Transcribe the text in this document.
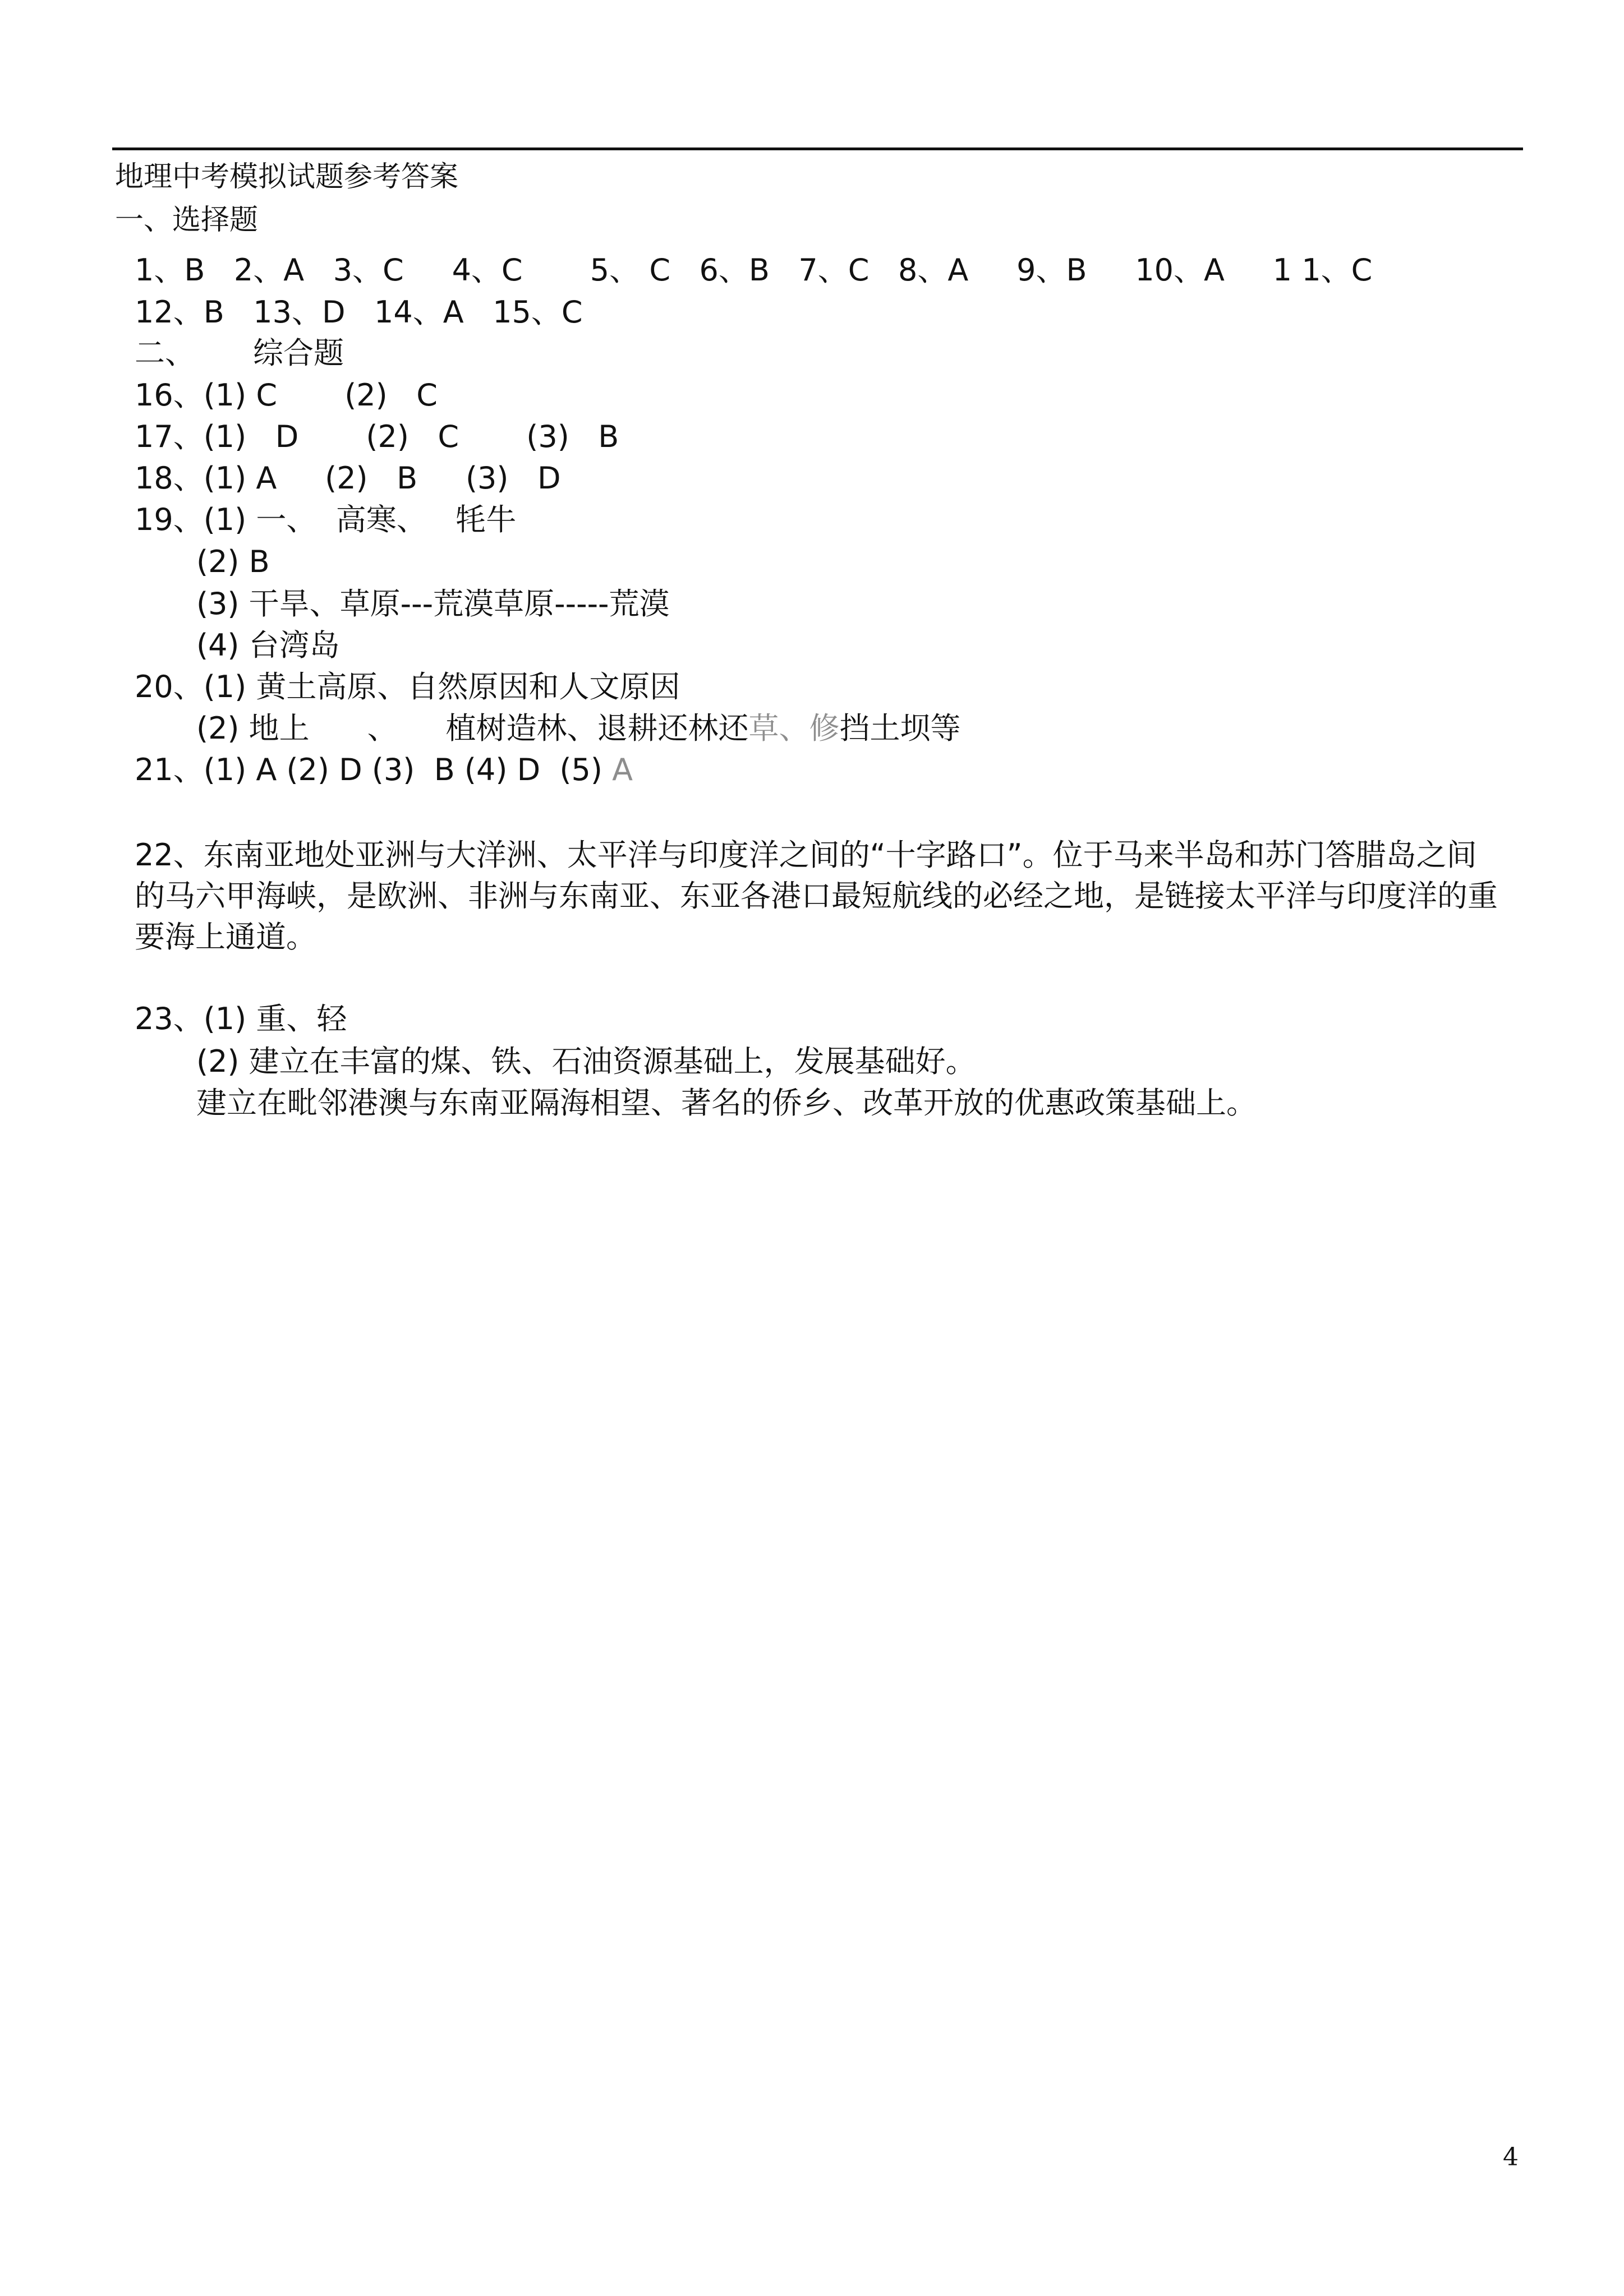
地理中考模拟试题参考答案
一、选择题
1、B   2、A   3、C     4、C       5、 C   6、B   7、C   8、A     9、B     10、A     1 1、C
12、B   13、D   14、A   15、C
二、      综合题
16、(1) C       (2)   C
17、(1)   D       (2)   C       (3)   B
18、(1) A     (2)   B     (3)   D
19、(1) 一、  高寒、   牦牛
(2) B
(3) 干旱、草原---荒漠草原-----荒漠
(4) 台湾岛
20、(1) 黄土高原、自然原因和人文原因
(2) 地上      、     植树造林、退耕还林还草、修挡土坝等
21、(1) A (2) D (3)  B (4) D  (5) A
22、东南亚地处亚洲与大洋洲、太平洋与印度洋之间的“十字路口”。位于马来半岛和苏门答腊岛之间的马六甲海峡，是欧洲、非洲与东南亚、东亚各港口最短航线的必经之地，是链接太平洋与印度洋的重要海上通道。
23、(1) 重、轻
(2) 建立在丰富的煤、铁、石油资源基础上，发展基础好。
建立在毗邻港澳与东南亚隔海相望、著名的侨乡、改革开放的优惠政策基础上。
4
